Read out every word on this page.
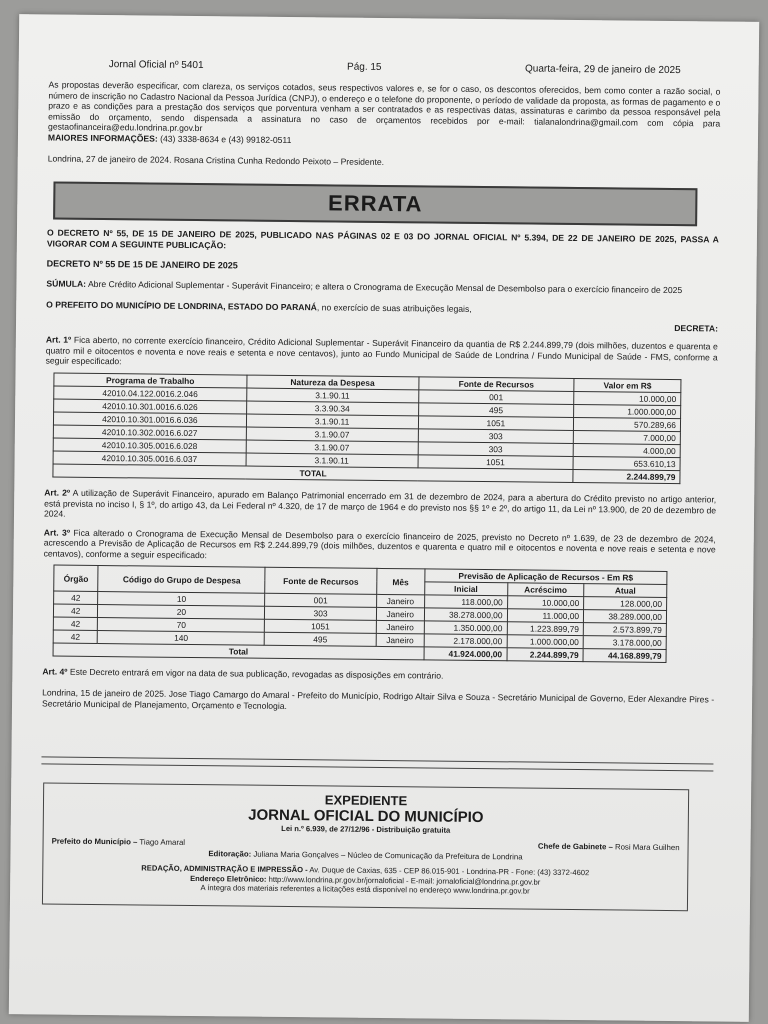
Jornal Oficial nº 5401	Pág. 15	Quarta-feira, 29 de janeiro de 2025

As propostas deverão especificar, com clareza, os serviços cotados, seus respectivos valores e, se for o caso, os descontos oferecidos, bem como conter a razão social, o número de inscrição no Cadastro Nacional da Pessoa Jurídica (CNPJ), o endereço e o telefone do proponente, o período de validade da proposta, as formas de pagamento e o prazo e as condições para a prestação dos serviços que porventura venham a ser contratados e as respectivas datas, assinaturas e carimbo da pessoa responsável pela emissão do orçamento, sendo dispensada a assinatura no caso de orçamentos recebidos por e-mail: tialanalondrina@gmail.com com cópia para gestaofinanceira@edu.londrina.pr.gov.br

MAIORES INFORMAÇÕES: (43) 3338-8634 e (43) 99182-0511

Londrina, 27 de janeiro de 2024. Rosana Cristina Cunha Redondo Peixoto – Presidente.

ERRATA

O DECRETO Nº 55, DE 15 DE JANEIRO DE 2025, PUBLICADO NAS PÁGINAS 02 E 03 DO JORNAL OFICIAL Nº 5.394, DE 22 DE JANEIRO DE 2025, PASSA A VIGORAR COM A SEGUINTE PUBLICAÇÃO:

DECRETO Nº 55 DE 15 DE JANEIRO DE 2025

SÚMULA: Abre Crédito Adicional Suplementar - Superávit Financeiro; e altera o Cronograma de Execução Mensal de Desembolso para o exercício financeiro de 2025

O PREFEITO DO MUNICÍPIO DE LONDRINA, ESTADO DO PARANÁ, no exercício de suas atribuições legais,

DECRETA:

Art. 1º Fica aberto, no corrente exercício financeiro, Crédito Adicional Suplementar - Superávit Financeiro da quantia de R$ 2.244.899,79 (dois milhões, duzentos e quarenta e quatro mil e oitocentos e noventa e nove reais e setenta e nove centavos), junto ao Fundo Municipal de Saúde de Londrina / Fundo Municipal de Saúde - FMS, conforme a seguir especificado:

Programa de Trabalho	Natureza da Despesa	Fonte de Recursos	Valor em R$
42010.04.122.0016.2.046	3.1.90.11	001	10.000,00
42010.10.301.0016.6.026	3.3.90.34	495	1.000.000,00
42010.10.301.0016.6.036	3.1.90.11	1051	570.289,66
42010.10.302.0016.6.027	3.1.90.07	303	7.000,00
42010.10.305.0016.6.028	3.1.90.07	303	4.000,00
42010.10.305.0016.6.037	3.1.90.11	1051	653.610,13
TOTAL			2.244.899,79

Art. 2º A utilização de Superávit Financeiro, apurado em Balanço Patrimonial encerrado em 31 de dezembro de 2024, para a abertura do Crédito previsto no artigo anterior, está prevista no inciso I, § 1º, do artigo 43, da Lei Federal nº 4.320, de 17 de março de 1964 e do previsto nos §§ 1º e 2º, do artigo 11, da Lei nº 13.900, de 20 de dezembro de 2024.

Art. 3º Fica alterado o Cronograma de Execução Mensal de Desembolso para o exercício financeiro de 2025, previsto no Decreto nº 1.639, de 23 de dezembro de 2024, acrescendo a Previsão de Aplicação de Recursos em R$ 2.244.899,79 (dois milhões, duzentos e quarenta e quatro mil e oitocentos e noventa e nove reais e setenta e nove centavos), conforme a seguir especificado:

Órgão	Código do Grupo de Despesa	Fonte de Recursos	Mês	Previsão de Aplicação de Recursos - Em R$		
				Inicial	Acréscimo	Atual
42	10	001	Janeiro	118.000,00	10.000,00	128.000,00
42	20	303	Janeiro	38.278.000,00	11.000,00	38.289.000,00
42	70	1051	Janeiro	1.350.000,00	1.223.899,79	2.573.899,79
42	140	495	Janeiro	2.178.000,00	1.000.000,00	3.178.000,00
Total				41.924.000,00	2.244.899,79	44.168.899,79

Art. 4º Este Decreto entrará em vigor na data de sua publicação, revogadas as disposições em contrário.

Londrina, 15 de janeiro de 2025. Jose Tiago Camargo do Amaral - Prefeito do Município, Rodrigo Altair Silva e Souza - Secretário Municipal de Governo, Eder Alexandre Pires - Secretário Municipal de Planejamento, Orçamento e Tecnologia.

EXPEDIENTE
JORNAL OFICIAL DO MUNICÍPIO
Lei n.º 6.939, de 27/12/96 - Distribuição gratuita
Prefeito do Município – Tiago Amaral	Chefe de Gabinete – Rosi Mara Guilhen
Editoração: Juliana Maria Gonçalves – Núcleo de Comunicação da Prefeitura de Londrina
REDAÇÃO, ADMINISTRAÇÃO E IMPRESSÃO - Av. Duque de Caxias, 635 - CEP 86.015-901 - Londrina-PR - Fone: (43) 3372-4602
Endereço Eletrônico: http://www.londrina.pr.gov.br/jornaloficial - E-mail: jornaloficial@londrina.pr.gov.br
A íntegra dos materiais referentes a licitações está disponível no endereço www.londrina.pr.gov.br
